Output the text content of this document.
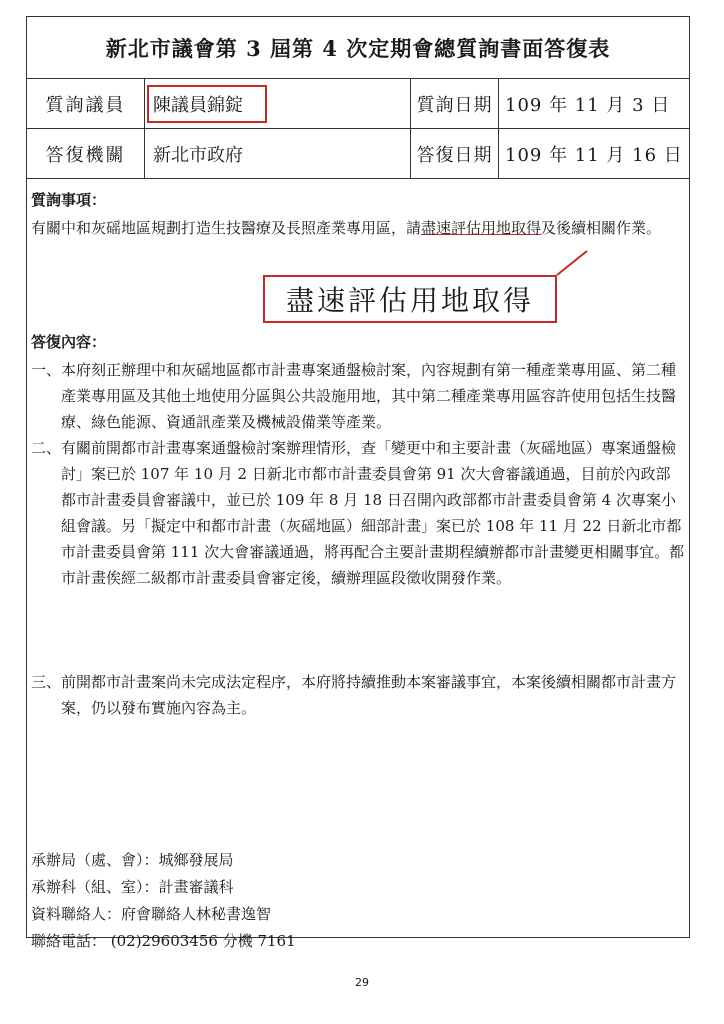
新北市議會第 3 屆第 4 次定期會總質詢書面答復表
質詢議員	陳議員錦錠	質詢日期 109 年 11 月 3 日
答復機關	新北市政府	答復日期 109 年 11 月 16 日
質詢事項：
有關中和灰磘地區規劃打造生技醫療及長照產業專用區，請盡速評估用地取得及後續相關作業。
盡速評估用地取得
答復內容：
一、 本府刻正辦理中和灰磘地區都市計畫專案通盤檢討案，內容規劃有第一種產業專用區、第二種產業專用區及其他土地使用分區與公共設施用地，其中第二種產業專用區容許使用包括生技醫療、綠色能源、資通訊產業及機械設備業等產業。
二、 有關前開都市計畫專案通盤檢討案辦理情形，查「變更中和主要計畫（灰磘地區）專案通盤檢討」案已於 107 年 10 月 2 日新北市都市計畫委員會第 91 次大會審議通過，目前於內政部都市計畫委員會審議中，並已於 109 年 8 月 18 日召開內政部都市計畫委員會第 4 次專案小組會議。另「擬定中和都市計畫（灰磘地區）細部計畫」案已於 108 年 11 月 22 日新北市都市計畫委員會第 111 次大會審議通過，將再配合主要計畫期程續辦都市計畫變更相關事宜。都市計畫俟經二級都市計畫委員會審定後，續辦理區段徵收開發作業。
三、 前開都市計畫案尚未完成法定程序，本府將持續推動本案審議事宜，本案後續相關都市計畫方案，仍以發布實施內容為主。
承辦局（處、會）：城鄉發展局
承辦科（組、室）：計畫審議科
資料聯絡人：府會聯絡人林秘書逸智
聯絡電話： (02)29603456 分機 7161
29
